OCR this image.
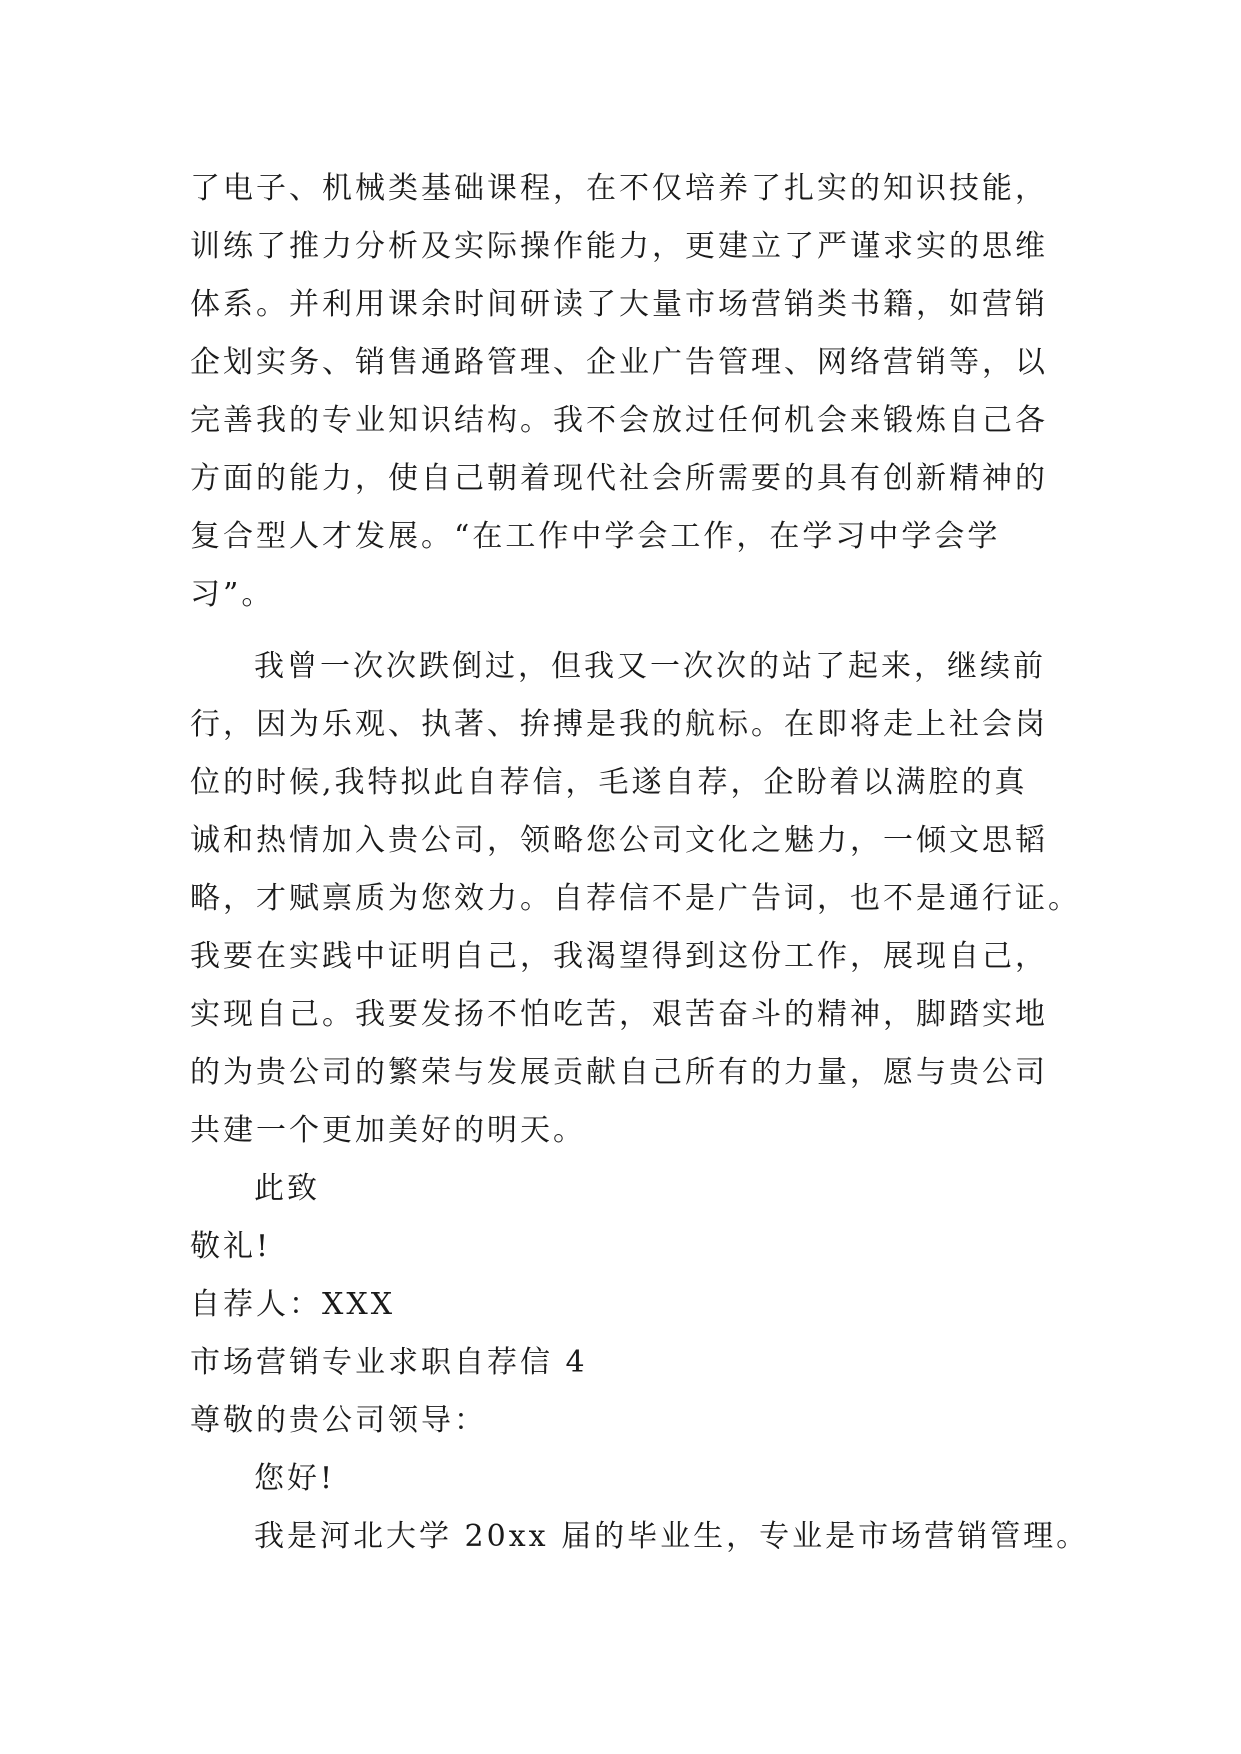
了电子、机械类基础课程，在不仅培养了扎实的知识技能，
训练了推力分析及实际操作能力，更建立了严谨求实的思维
体系。并利用课余时间研读了大量市场营销类书籍，如营销
企划实务、销售通路管理、企业广告管理、网络营销等，以
完善我的专业知识结构。我不会放过任何机会来锻炼自己各
方面的能力，使自己朝着现代社会所需要的具有创新精神的
复合型人才发展。“在工作中学会工作，在学习中学会学
习”。
我曾一次次跌倒过，但我又一次次的站了起来，继续前
行，因为乐观、执著、拚搏是我的航标。在即将走上社会岗
位的时候,我特拟此自荐信，毛遂自荐，企盼着以满腔的真
诚和热情加入贵公司，领略您公司文化之魅力，一倾文思韬
略，才赋禀质为您效力。自荐信不是广告词，也不是通行证。
我要在实践中证明自己，我渴望得到这份工作，展现自己，
实现自己。我要发扬不怕吃苦，艰苦奋斗的精神，脚踏实地
的为贵公司的繁荣与发展贡献自己所有的力量，愿与贵公司
共建一个更加美好的明天。
此致
敬礼!
自荐人：XXX
市场营销专业求职自荐信 4
尊敬的贵公司领导：
您好!
我是河北大学 20xx 届的毕业生，专业是市场营销管理。
